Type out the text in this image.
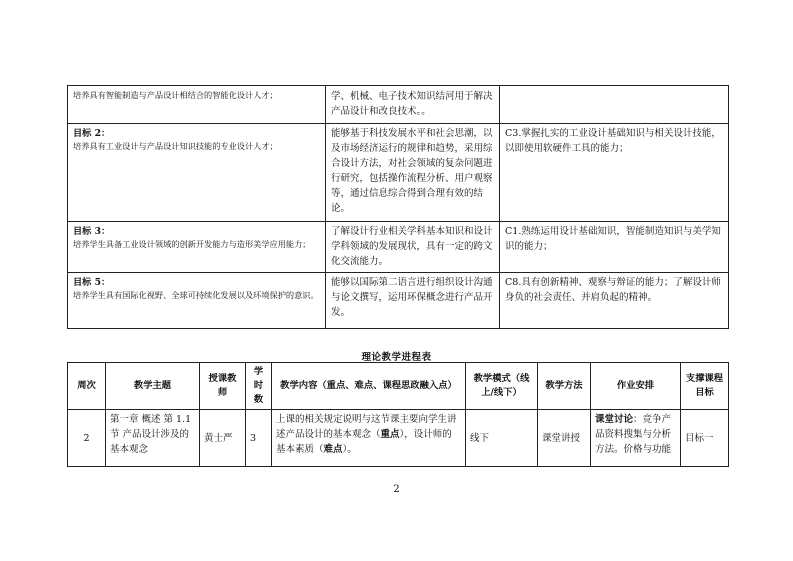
培养具有智能制造与产品设计相结合的智能化设计人才；	学、机械、电子技术知识结河用于解决产品设计和改良技术。。	

目标 2：
培养具有工业设计与产品设计知识技能的专业设计人才；	能够基于科技发展水平和社会思潮，以及市场经济运行的规律和趋势，采用综合设计方法，对社会领域的复杂问题进行研究，包括操作流程分析、用户观察等，通过信息综合得到合理有效的结论。	C3.掌握扎实的工业设计基础知识与相关设计技能，以即使用软硬件工具的能力；

目标 3：
培养学生具备工业设计领域的创新开发能力与造形美学应用能力；	了解设计行业相关学科基本知识和设计学科领域的发展现状，具有一定的跨文化交流能力。	C1.熟练运用设计基础知识，智能制造知识与美学知识的能力；

目标 5：
培养学生具有国际化视野、全球可持续化发展以及环境保护的意识。	能够以国际第二语言进行组织设计沟通与论文撰写，运用环保概念进行产品开发。	C8.具有创新精神、观察与辩证的能力；了解设计师身负的社会责任、并肩负起的精神。
理论教学进程表
周次	教学主题	授课教师	学时数	教学内容（重点、难点、课程思政融入点）	教学模式（线上/线下）	教学方法	作业安排	支撑课程目标
2	第一章 概述 第 1.1 节 产品设计涉及的基本观念	黄士严	3	上课的相关规定说明与这节课主要向学生讲述产品设计的基本观念（重点），设计师的基本素质（难点）。	线下	课堂讲授	课堂讨论：竞争产品资料搜集与分析方法。价格与功能	目标一
2
